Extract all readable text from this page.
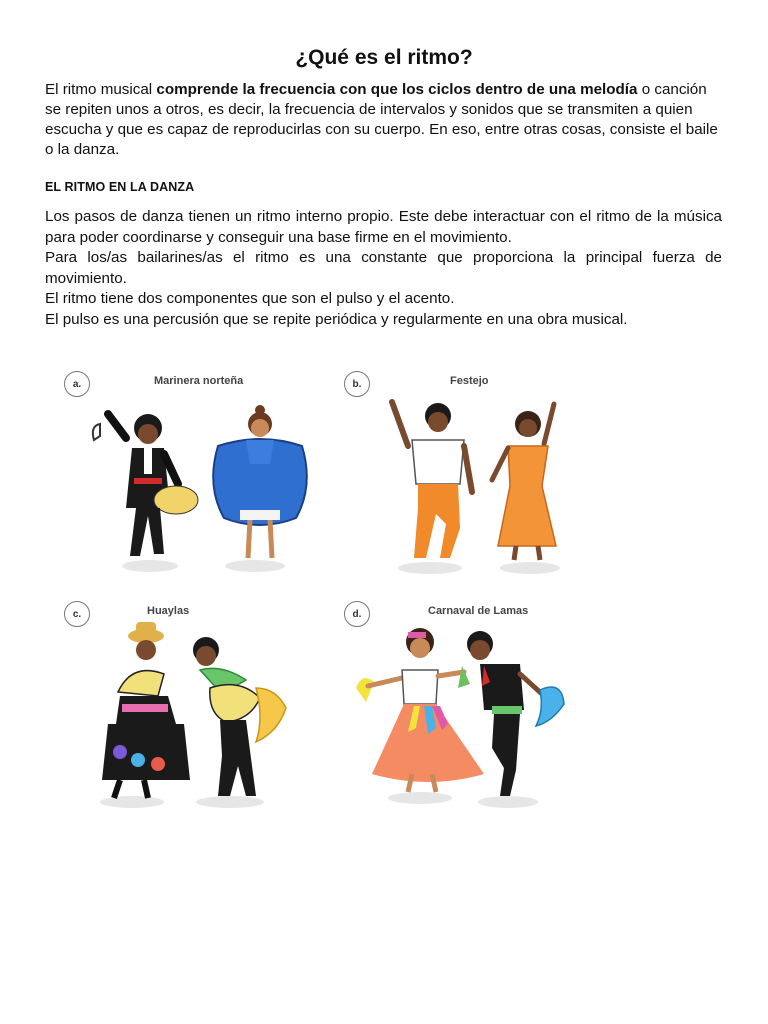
¿Qué es el ritmo?

El ritmo musical comprende la frecuencia con que los ciclos dentro de una melodía o canción se repiten unos a otros, es decir, la frecuencia de intervalos y sonidos que se transmiten a quien escucha y que es capaz de reproducirlas con su cuerpo. En eso, entre otras cosas, consiste el baile o la danza.

EL RITMO EN LA DANZA

Los pasos de danza tienen un ritmo interno propio. Este debe interactuar con el ritmo de la música para poder coordinarse y conseguir una base firme en el movimiento.

Para los/as bailarines/as el ritmo es una constante que proporciona la principal fuerza de movimiento.

El ritmo tiene dos componentes que son el pulso y el acento.

El pulso es una percusión que se repite periódica y regularmente en una obra musical.

a.	Marinera norteña	b.	Festejo
c.	Huaylas	d.	Carnaval de Lamas
